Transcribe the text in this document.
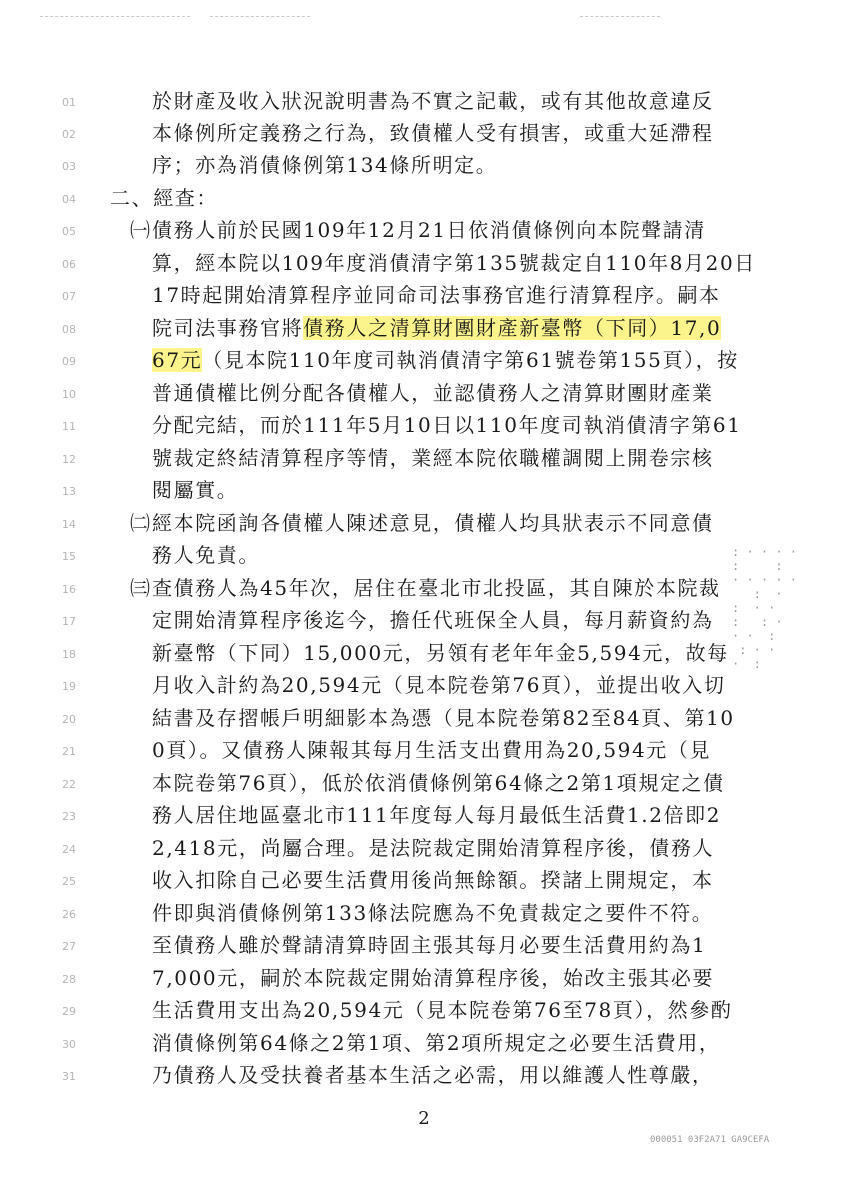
01	於財產及收入狀況說明書為不實之記載，或有其他故意違反
02	本條例所定義務之行為，致債權人受有損害，或重大延滯程
03	序；亦為消債條例第134條所明定。
04	二、經查：
05	㈠ 債務人前於民國109年12月21日依消債條例向本院聲請清
06	算，經本院以109年度消債清字第135號裁定自110年8月20日
07	17時起開始清算程序並同命司法事務官進行清算程序。嗣本
08	院司法事務官將債務人之清算財團財產新臺幣（下同）17,0
09	67元（見本院110年度司執消債清字第61號卷第155頁），按
10	普通債權比例分配各債權人，並認債務人之清算財團財產業
11	分配完結，而於111年5月10日以110年度司執消債清字第61
12	號裁定終結清算程序等情，業經本院依職權調閱上開卷宗核
13	閱屬實。
14	㈡ 經本院函詢各債權人陳述意見，債權人均具狀表示不同意債
15	務人免責。
16	㈢ 查債務人為45年次，居住在臺北市北投區，其自陳於本院裁
17	定開始清算程序後迄今，擔任代班保全人員，每月薪資約為
18	新臺幣（下同）15,000元，另領有老年年金5,594元，故每
19	月收入計約為20,594元（見本院卷第76頁），並提出收入切
20	結書及存摺帳戶明細影本為憑（見本院卷第82至84頁、第10
21	0頁）。又債務人陳報其每月生活支出費用為20,594元（見
22	本院卷第76頁），低於依消債條例第64條之2第1項規定之債
23	務人居住地區臺北市111年度每人每月最低生活費1.2倍即2
24	2,418元，尚屬合理。是法院裁定開始清算程序後，債務人
25	收入扣除自己必要生活費用後尚無餘額。揆諸上開規定，本
26	件即與消債條例第133條法院應為不免責裁定之要件不符。
27	至債務人雖於聲請清算時固主張其每月必要生活費用約為1
28	7,000元，嗣於本院裁定開始清算程序後，始改主張其必要
29	生活費用支出為20,594元（見本院卷第76至78頁），然參酌
30	消債條例第64條之2第1項、第2項所規定之必要生活費用，
31	乃債務人及受扶養者基本生活之必需，用以維護人性尊嚴，
: · · · ·
:     :
· · · · ·
:  ·
:  · ·
:   : ·
· ·  :
: · ·
·  :
2
000051 03F2A71 GA9CEFA
